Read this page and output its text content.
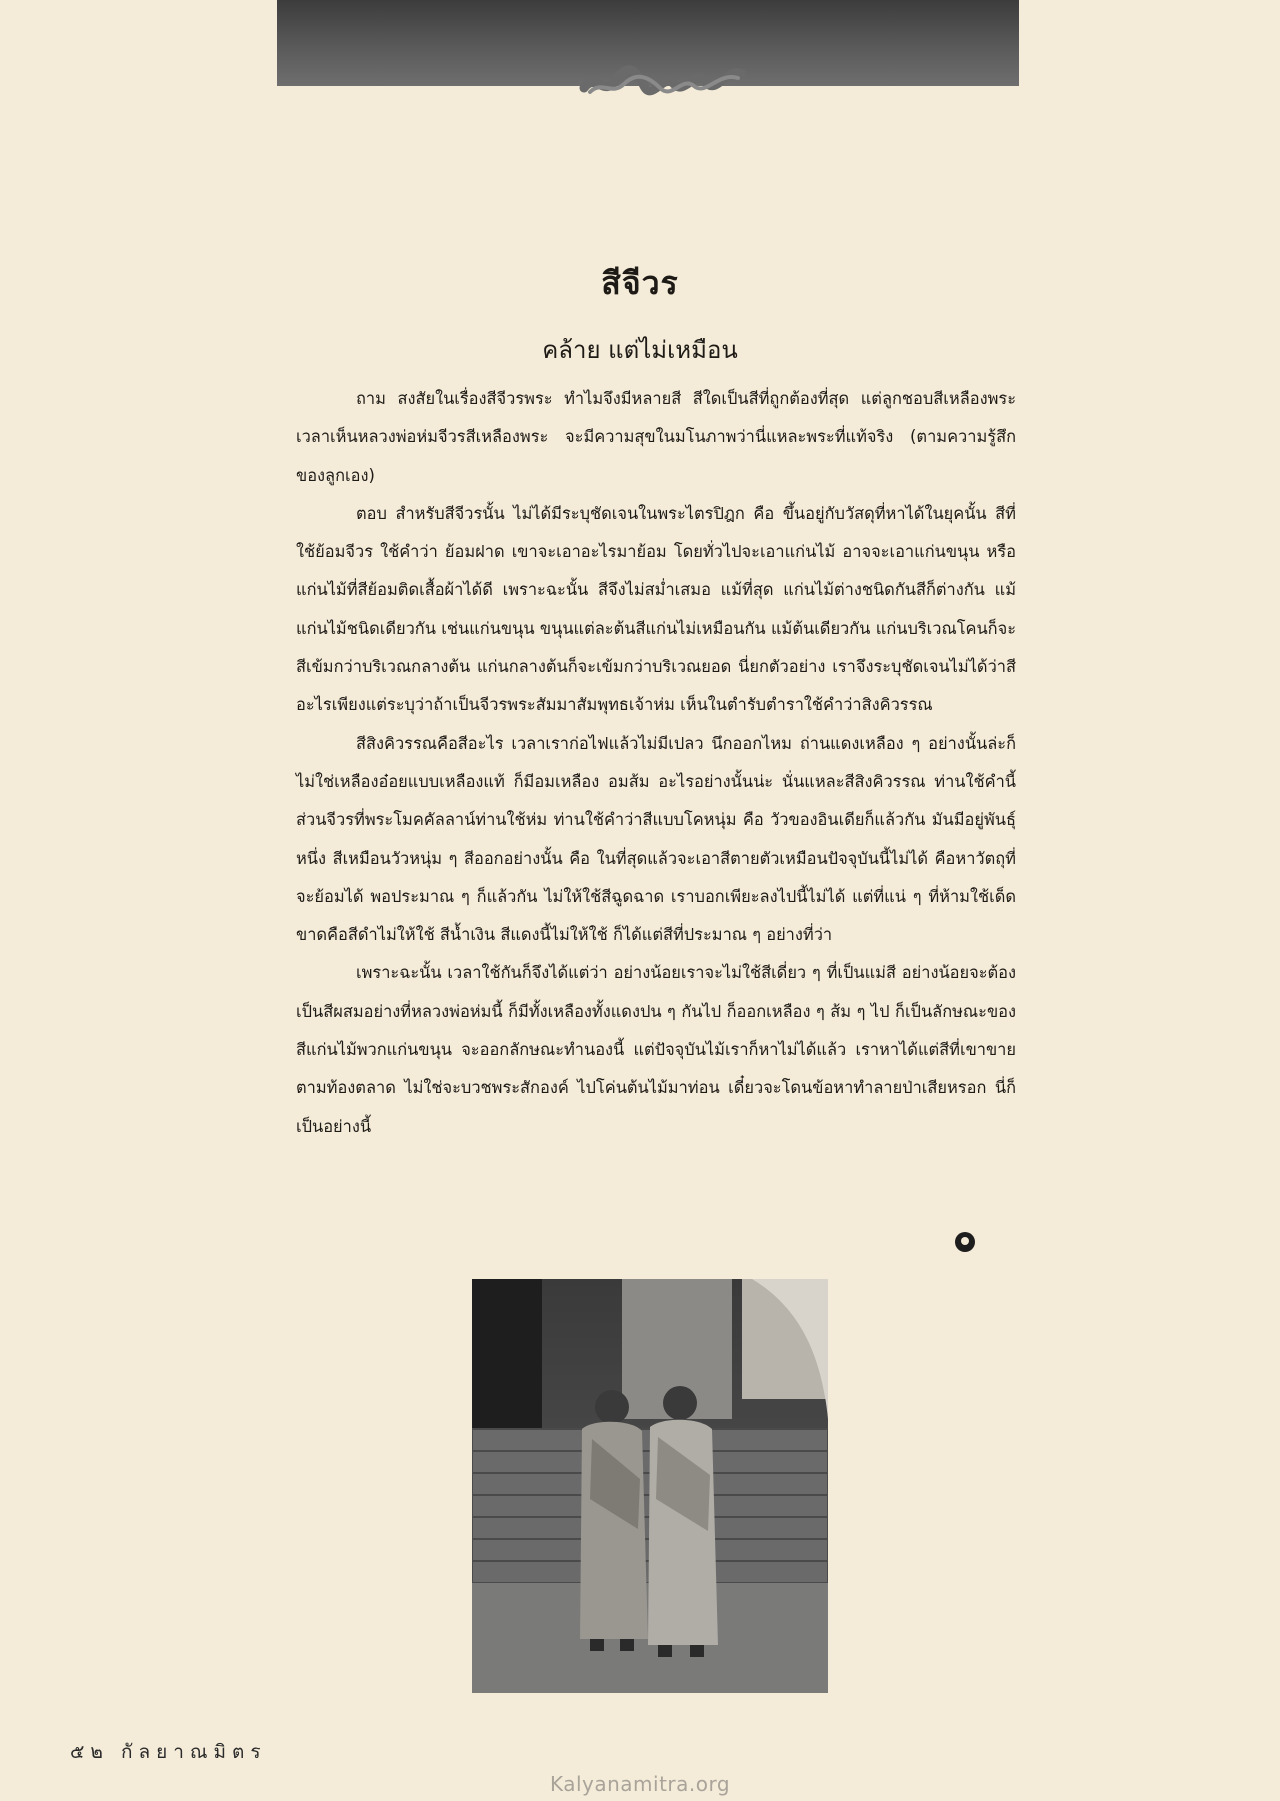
สีจีวร
คล้าย แต่ไม่เหมือน

ถาม สงสัยในเรื่องสีจีวรพระ ทำไมจึงมีหลายสี สีใดเป็นสีที่ถูกต้องที่สุด แต่ลูกชอบสีเหลืองพระ เวลาเห็นหลวงพ่อห่มจีวรสีเหลืองพระ จะมีความสุขในมโนภาพว่านี่แหละพระที่แท้จริง (ตามความรู้สึกของลูกเอง)

ตอบ สำหรับสีจีวรนั้น ไม่ได้มีระบุชัดเจนในพระไตรปิฎก คือ ขึ้นอยู่กับวัสดุที่หาได้ในยุคนั้น สีที่ใช้ย้อมจีวร ใช้คำว่า ย้อมฝาด เขาจะเอาอะไรมาย้อม โดยทั่วไปจะเอาแก่นไม้ อาจจะเอาแก่นขนุน หรือแก่นไม้ที่สีย้อมติดเสื้อผ้าได้ดี เพราะฉะนั้น สีจึงไม่สม่ำเสมอ แม้ที่สุด แก่นไม้ต่างชนิดกันสีก็ต่างกัน แม้แก่นไม้ชนิดเดียวกัน เช่นแก่นขนุน ขนุนแต่ละต้นสีแก่นไม่เหมือนกัน แม้ต้นเดียวกัน แก่นบริเวณโคนก็จะสีเข้มกว่าบริเวณกลางต้น แก่นกลางต้นก็จะเข้มกว่าบริเวณยอด นี่ยกตัวอย่าง เราจึงระบุชัดเจนไม่ได้ว่าสีอะไรเพียงแต่ระบุว่าถ้าเป็นจีวรพระสัมมาสัมพุทธเจ้าห่ม เห็นในตำรับตำราใช้คำว่าสิงคิวรรณ

สีสิงคิวรรณคือสีอะไร เวลาเราก่อไฟแล้วไม่มีเปลว นึกออกไหม ถ่านแดงเหลือง ๆ อย่างนั้นล่ะก็ ไม่ใช่เหลืองอ๋อยแบบเหลืองแท้ ก็มีอมเหลือง อมส้ม อะไรอย่างนั้นน่ะ นั่นแหละสีสิงคิวรรณ ท่านใช้คำนี้ ส่วนจีวรที่พระโมคคัลลาน์ท่านใช้ห่ม ท่านใช้คำว่าสีแบบโคหนุ่ม คือ วัวของอินเดียก็แล้วกัน มันมีอยู่พันธุ์หนึ่ง สีเหมือนวัวหนุ่ม ๆ สีออกอย่างนั้น คือ ในที่สุดแล้วจะเอาสีตายตัวเหมือนปัจจุบันนี้ไม่ได้ คือหาวัตถุที่จะย้อมได้ พอประมาณ ๆ ก็แล้วกัน ไม่ให้ใช้สีฉูดฉาด เราบอกเพียะลงไปนี้ไม่ได้ แต่ที่แน่ ๆ ที่ห้ามใช้เด็ดขาดคือสีดำไม่ให้ใช้ สีน้ำเงิน สีแดงนี้ไม่ให้ใช้ ก็ได้แต่สีที่ประมาณ ๆ อย่างที่ว่า

เพราะฉะนั้น เวลาใช้กันก็จึงได้แต่ว่า อย่างน้อยเราจะไม่ใช้สีเดี่ยว ๆ ที่เป็นแม่สี อย่างน้อยจะต้องเป็นสีผสมอย่างที่หลวงพ่อห่มนี้ ก็มีทั้งเหลืองทั้งแดงปน ๆ กันไป ก็ออกเหลือง ๆ ส้ม ๆ ไป ก็เป็นลักษณะของสีแก่นไม้พวกแก่นขนุน จะออกลักษณะทำนองนี้ แต่ปัจจุบันไม้เราก็หาไม่ได้แล้ว เราหาได้แต่สีที่เขาขายตามท้องตลาด ไม่ใช่จะบวชพระสักองค์ ไปโค่นต้นไม้มาท่อน เดี๋ยวจะโดนข้อหาทำลายป่าเสียหรอก นี่ก็เป็นอย่างนี้

๕๒ กัลยาณมิตร
Kalyanamitra.org
